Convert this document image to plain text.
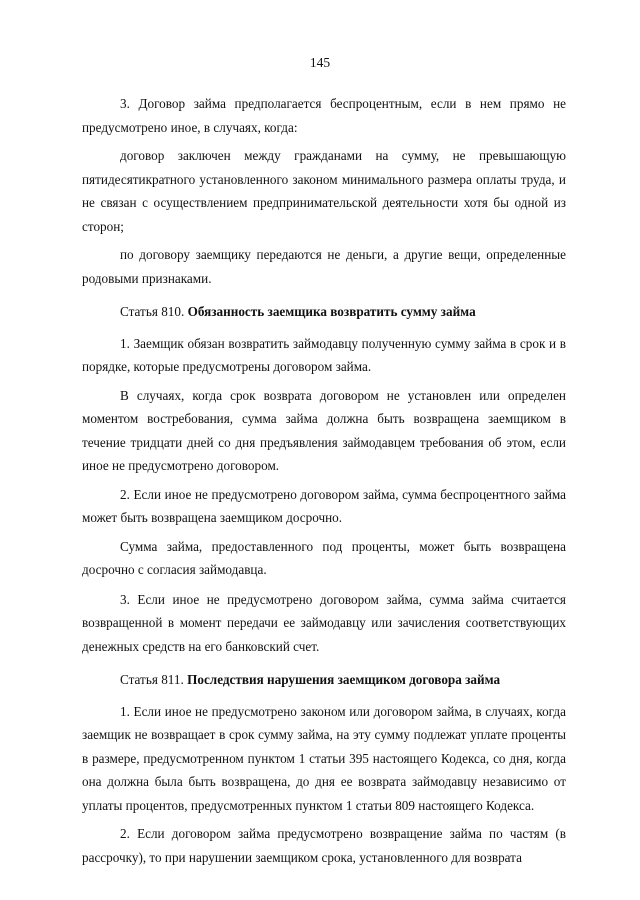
145

3. Договор займа предполагается беспроцентным, если в нем прямо не предусмотрено иное, в случаях, когда:

договор заключен между гражданами на сумму, не превышающую пятидесятикратного установленного законом минимального размера оплаты труда, и не связан с осуществлением предпринимательской деятельности хотя бы одной из сторон;

по договору заемщику передаются не деньги, а другие вещи, определенные родовыми признаками.

Статья 810. Обязанность заемщика возвратить сумму займа

1. Заемщик обязан возвратить займодавцу полученную сумму займа в срок и в порядке, которые предусмотрены договором займа.

В случаях, когда срок возврата договором не установлен или определен моментом востребования, сумма займа должна быть возвращена заемщиком в течение тридцати дней со дня предъявления займодавцем требования об этом, если иное не предусмотрено договором.

2. Если иное не предусмотрено договором займа, сумма беспроцентного займа может быть возвращена заемщиком досрочно.

Сумма займа, предоставленного под проценты, может быть возвращена досрочно с согласия займодавца.

3. Если иное не предусмотрено договором займа, сумма займа считается возвращенной в момент передачи ее займодавцу или зачисления соответствующих денежных средств на его банковский счет.

Статья 811. Последствия нарушения заемщиком договора займа

1. Если иное не предусмотрено законом или договором займа, в случаях, когда заемщик не возвращает в срок сумму займа, на эту сумму подлежат уплате проценты в размере, предусмотренном пунктом 1 статьи 395 настоящего Кодекса, со дня, когда она должна была быть возвращена, до дня ее возврата займодавцу независимо от уплаты процентов, предусмотренных пунктом 1 статьи 809 настоящего Кодекса.

2. Если договором займа предусмотрено возвращение займа по частям (в рассрочку), то при нарушении заемщиком срока, установленного для возврата
